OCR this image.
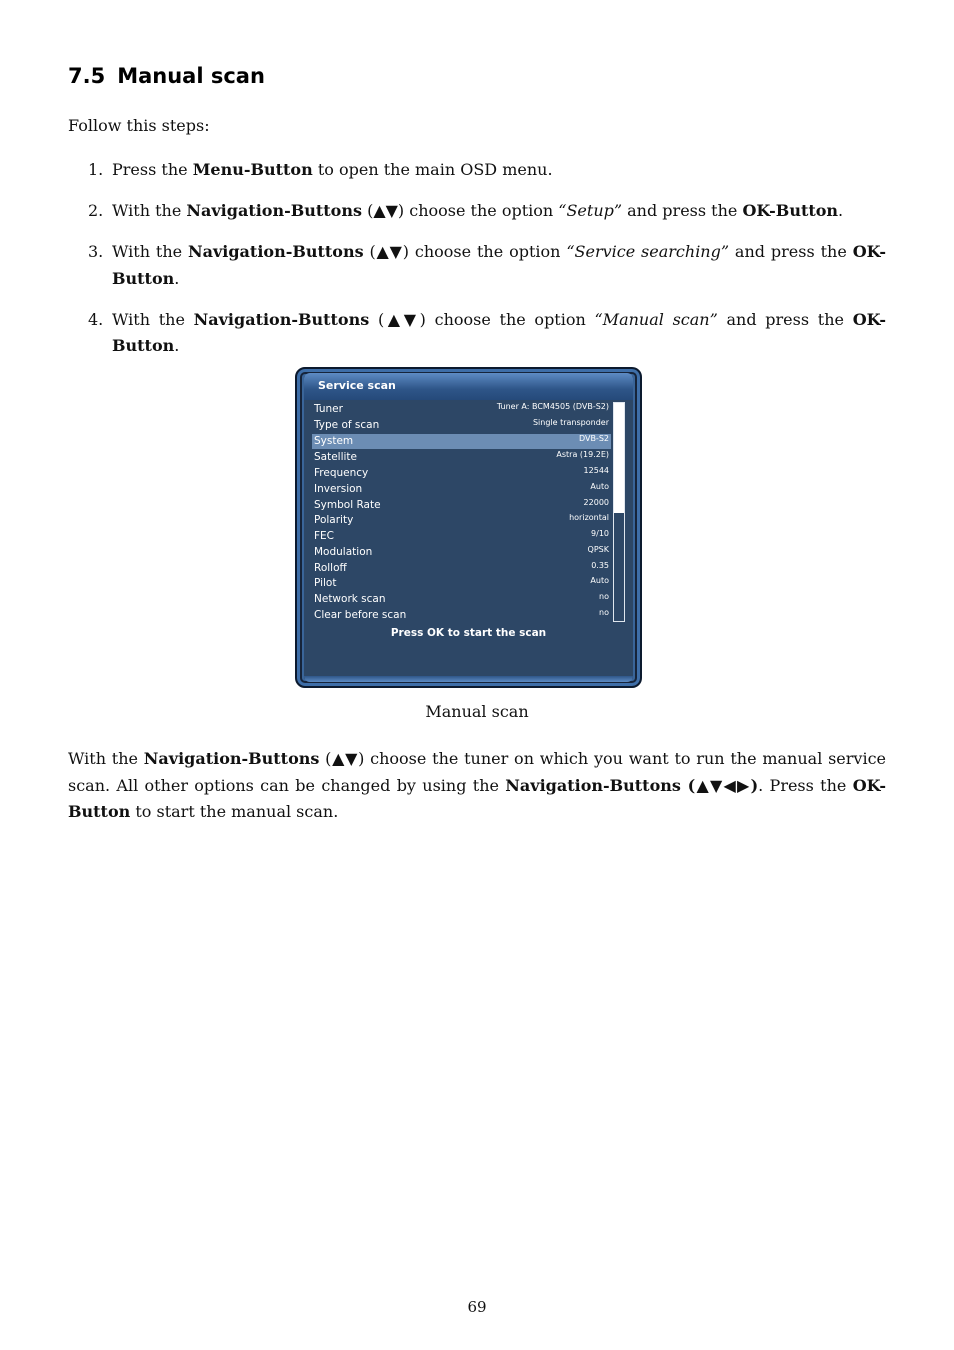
7.5 Manual scan
Follow this steps:
1. Press the Menu-Button to open the main OSD menu.
2. With the Navigation-Buttons (▲▼) choose the option “Setup” and press the OK-Button.
3. With the Navigation-Buttons (▲▼) choose the option “Service searching” and press the OK-Button.
4. With the Navigation-Buttons (▲▼) choose the option “Manual scan” and press the OK-Button.
Service scan
Tuner	Tuner A: BCM4505 (DVB-S2)
Type of scan	Single transponder
System	DVB-S2
Satellite	Astra (19.2E)
Frequency	12544
Inversion	Auto
Symbol Rate	22000
Polarity	horizontal
FEC	9/10
Modulation	QPSK
Rolloff	0.35
Pilot	Auto
Network scan	no
Clear before scan	no
Press OK to start the scan
Manual scan
With the Navigation-Buttons (▲▼) choose the tuner on which you want to run the manual service scan. All other options can be changed by using the Navigation-Buttons (▲▼◀▶). Press the OK-Button to start the manual scan.
69
